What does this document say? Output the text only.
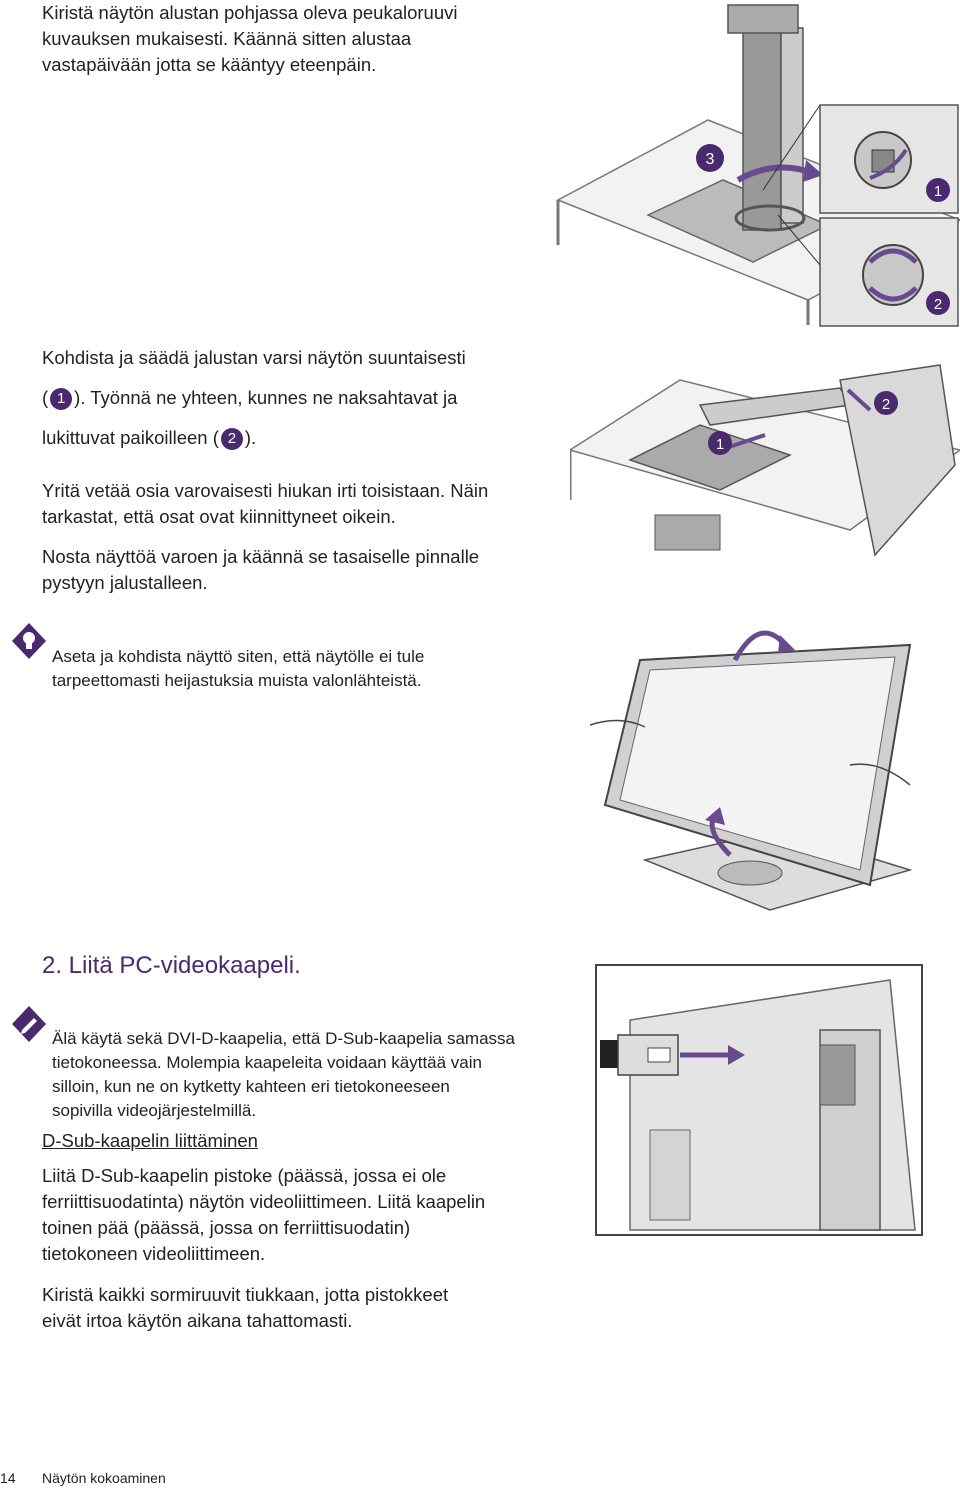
Kiristä näytön alustan pohjassa oleva peukaloruuvi
kuvauksen mukaisesti. Käännä sitten alustaa
vastapäivään jotta se kääntyy eteenpäin.
3
1
2
Kohdista ja säädä jalustan varsi näytön suuntaisesti
( 1 ). Työnnä ne yhteen, kunnes ne naksahtavat ja
lukittuvat paikoilleen ( 2 ).	1
2
Yritä vetää osia varovaisesti hiukan irti toisistaan. Näin
tarkastat, että osat ovat kiinnittyneet oikein.
Nosta näyttöä varoen ja käännä se tasaiselle pinnalle
pystyyn jalustalleen.
Aseta ja kohdista näyttö siten, että näytölle ei tule
tarpeettomasti heijastuksia muista valonlähteistä.
2. Liitä PC-videokaapeli.
Älä käytä sekä DVI-D-kaapelia, että D-Sub-kaapelia samassa
tietokoneessa. Molempia kaapeleita voidaan käyttää vain
silloin, kun ne on kytketty kahteen eri tietokoneeseen
sopivilla videojärjestelmillä.
D-Sub-kaapelin liittäminen
Liitä D-Sub-kaapelin pistoke (päässä, jossa ei ole
ferriittisuodatinta) näytön videoliittimeen. Liitä kaapelin
toinen pää (päässä, jossa on ferriittisuodatin)
tietokoneen videoliittimeen.
Kiristä kaikki sormiruuvit tiukkaan, jotta pistokkeet
eivät irtoa käytön aikana tahattomasti.
14 Näytön kokoaminen
